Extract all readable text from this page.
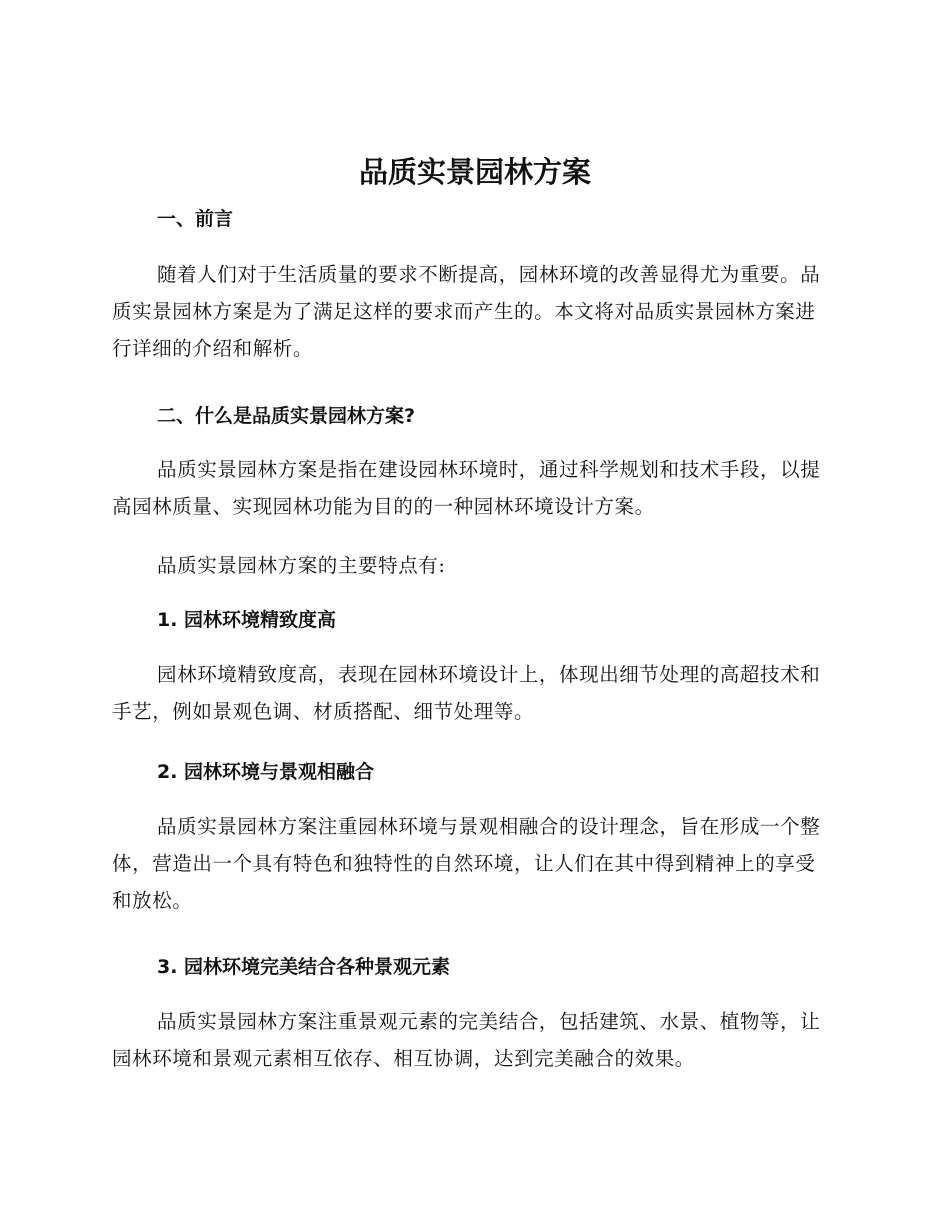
品质实景园林方案
一、前言

随着人们对于生活质量的要求不断提高，园林环境的改善显得尤为重要。品质实景园林方案是为了满足这样的要求而产生的。本文将对品质实景园林方案进行详细的介绍和解析。

二、什么是品质实景园林方案?

品质实景园林方案是指在建设园林环境时，通过科学规划和技术手段，以提高园林质量、实现园林功能为目的的一种园林环境设计方案。

品质实景园林方案的主要特点有:

1. 园林环境精致度高

园林环境精致度高，表现在园林环境设计上，体现出细节处理的高超技术和手艺，例如景观色调、材质搭配、细节处理等。

2. 园林环境与景观相融合

品质实景园林方案注重园林环境与景观相融合的设计理念，旨在形成一个整体，营造出一个具有特色和独特性的自然环境，让人们在其中得到精神上的享受和放松。

3. 园林环境完美结合各种景观元素

品质实景园林方案注重景观元素的完美结合，包括建筑、水景、植物等，让园林环境和景观元素相互依存、相互协调，达到完美融合的效果。
